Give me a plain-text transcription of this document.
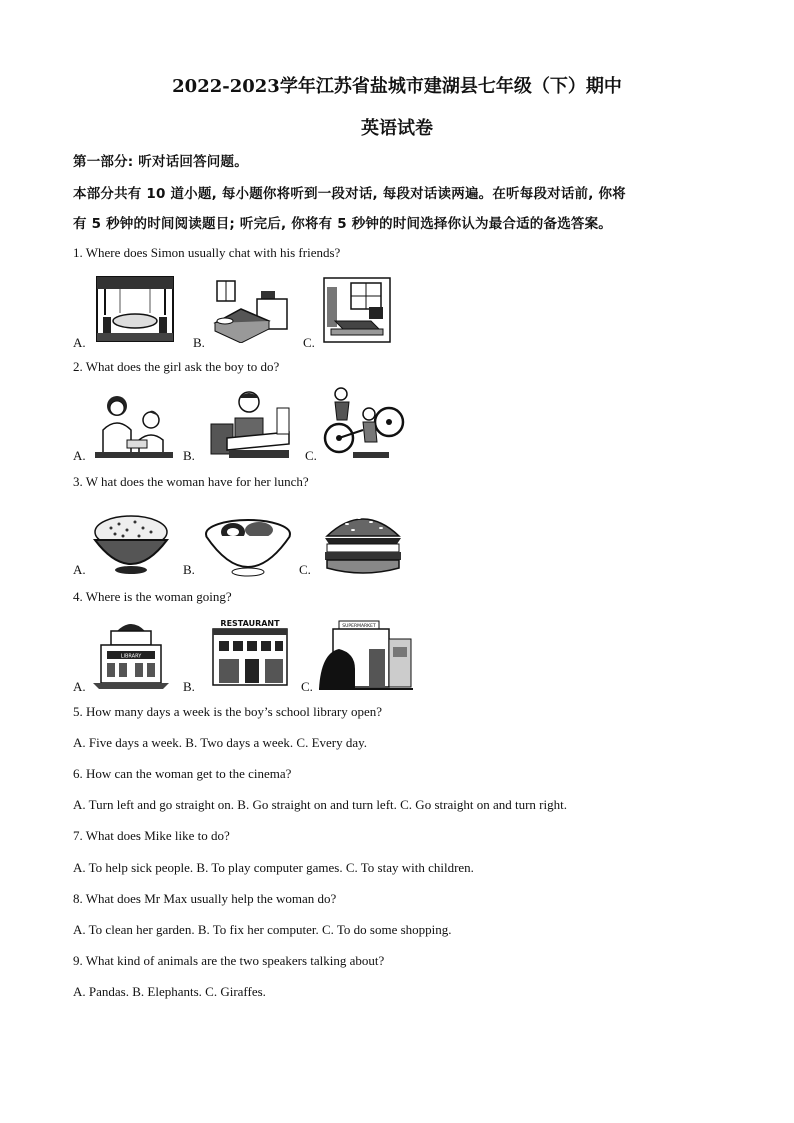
2022-2023学年江苏省盐城市建湖县七年级（下）期中
英语试卷
第一部分: 听对话回答问题。
本部分共有 10 道小题, 每小题你将听到一段对话, 每段对话读两遍。在听每段对话前, 你将
有 5 秒钟的时间阅读题目; 听完后, 你将有 5 秒钟的时间选择你认为最合适的备选答案。
1. Where does Simon usually chat with his friends?
A.	B.	C.
2. What does the girl ask the boy to do?
A.	B.	C.
3. W hat does the woman have for her lunch?
A.	B.	C.
4. Where is the woman going?
A.
LIBRARY
B.
RESTAURANT
C.
SUPERMARKET
5. How many days a week is the boy’s school library open?
A. Five days a week. B. Two days a week. C. Every day.
6. How can the woman get to the cinema?
A. Turn left and go straight on. B. Go straight on and turn left. C. Go straight on and turn right.
7. What does Mike like to do?
A. To help sick people. B. To play computer games. C. To stay with children.
8. What does Mr Max usually help the woman do?
A. To clean her garden. B. To fix her computer. C. To do some shopping.
9. What kind of animals are the two speakers talking about?
A. Pandas. B. Elephants. C. Giraffes.
